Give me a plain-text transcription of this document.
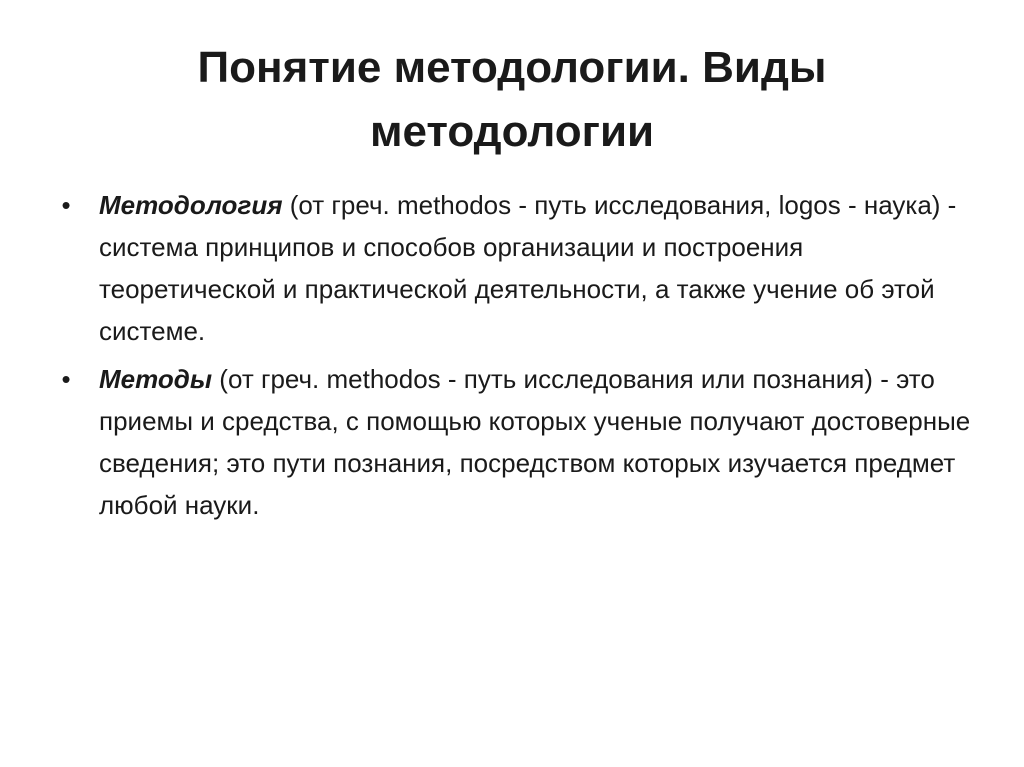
Понятие методологии. Виды
методологии
• Методология (от греч. methodos - путь исследования, logos - наука) - система принципов и способов организации и построения теоретической и практической деятельности, а также учение об этой системе.
• Методы (от греч. methodos - путь исследования или познания) - это приемы и средства, с помощью которых ученые получают достоверные сведения; это пути познания, посредством которых изучается предмет любой науки.
